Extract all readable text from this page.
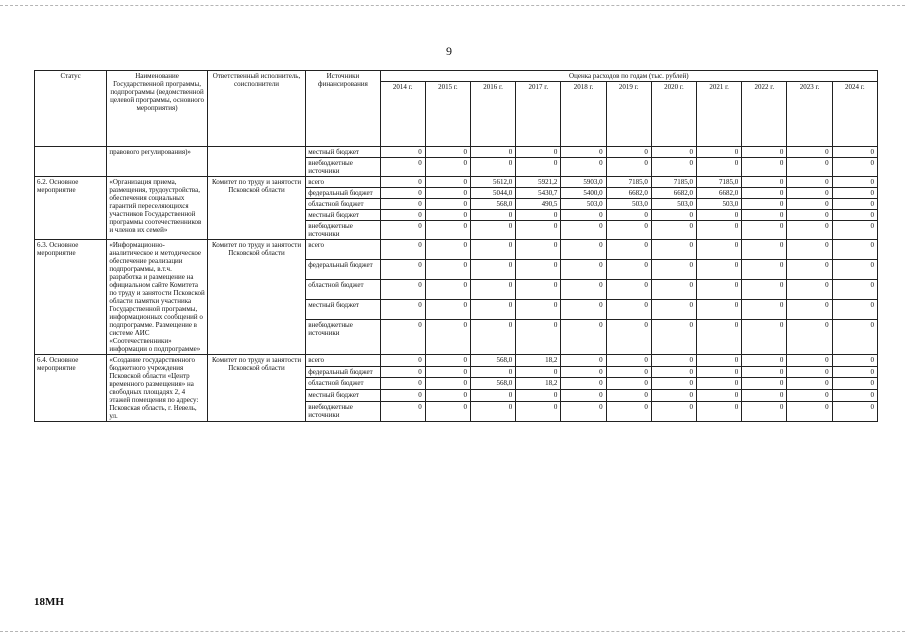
9
Статус	Наименование Государственной программы, подпрограммы (ведомственной целевой программы, основного мероприятия)	Ответственный исполнитель, соисполнители	Источники финансирования	Оценка расходов по годам (тыс. рублей)										
				2014 г.	2015 г.	2016 г.	2017 г.	2018 г.	2019 г.	2020 г.	2021 г.	2022 г.	2023 г.	2024 г.
	правового регулирования)»		местный бюджет	0	0	0	0	0	0	0	0	0	0	0
			внебюджетные источники	0	0	0	0	0	0	0	0	0	0	0
6.2. Основное мероприятие	«Организация приема, размещения, трудоустройства, обеспечения социальных гарантий переселяющихся участников Государственной программы соотечественников и членов их семей»	Комитет по труду и занятости Псковской области	всего	0	0	5612,0	5921,2	5903,0	7185,0	7185,0	7185,0	0	0	0
			федеральный бюджет	0	0	5044,0	5430,7	5400,0	6682,0	6682,0	6682,0	0	0	0
			областной бюджет	0	0	568,0	490,5	503,0	503,0	503,0	503,0	0	0	0
			местный бюджет	0	0	0	0	0	0	0	0	0	0	0
			внебюджетные источники	0	0	0	0	0	0	0	0	0	0	0
6.3. Основное мероприятие	«Информационно-аналитическое и методическое обеспечение реализации подпрограммы, в.т.ч. разработка и размещение на официальном сайте Комитета по труду и занятости Псковской области памятки участника Государственной программы, информационных сообщений о подпрограмме. Размещение в системе АИС «Соотечественники» информации о подпрограмме»	Комитет по труду и занятости Псковской области	всего	0	0	0	0	0	0	0	0	0	0	0
			федеральный бюджет	0	0	0	0	0	0	0	0	0	0	0
			областной бюджет	0	0	0	0	0	0	0	0	0	0	0
			местный бюджет	0	0	0	0	0	0	0	0	0	0	0
			внебюджетные источники	0	0	0	0	0	0	0	0	0	0	0
6.4. Основное мероприятие	«Создание государственного бюджетного учреждения Псковской области «Центр временного размещения» на свободных площадях 2, 4 этажей помещения по адресу: Псковская область, г. Невель, ул.	Комитет по труду и занятости Псковской области	всего	0	0	568,0	18,2	0	0	0	0	0	0	0
			федеральный бюджет	0	0	0	0	0	0	0	0	0	0	0
			областной бюджет	0	0	568,0	18,2	0	0	0	0	0	0	0
			местный бюджет	0	0	0	0	0	0	0	0	0	0	0
			внебюджетные источники	0	0	0	0	0	0	0	0	0	0	0
18МН
